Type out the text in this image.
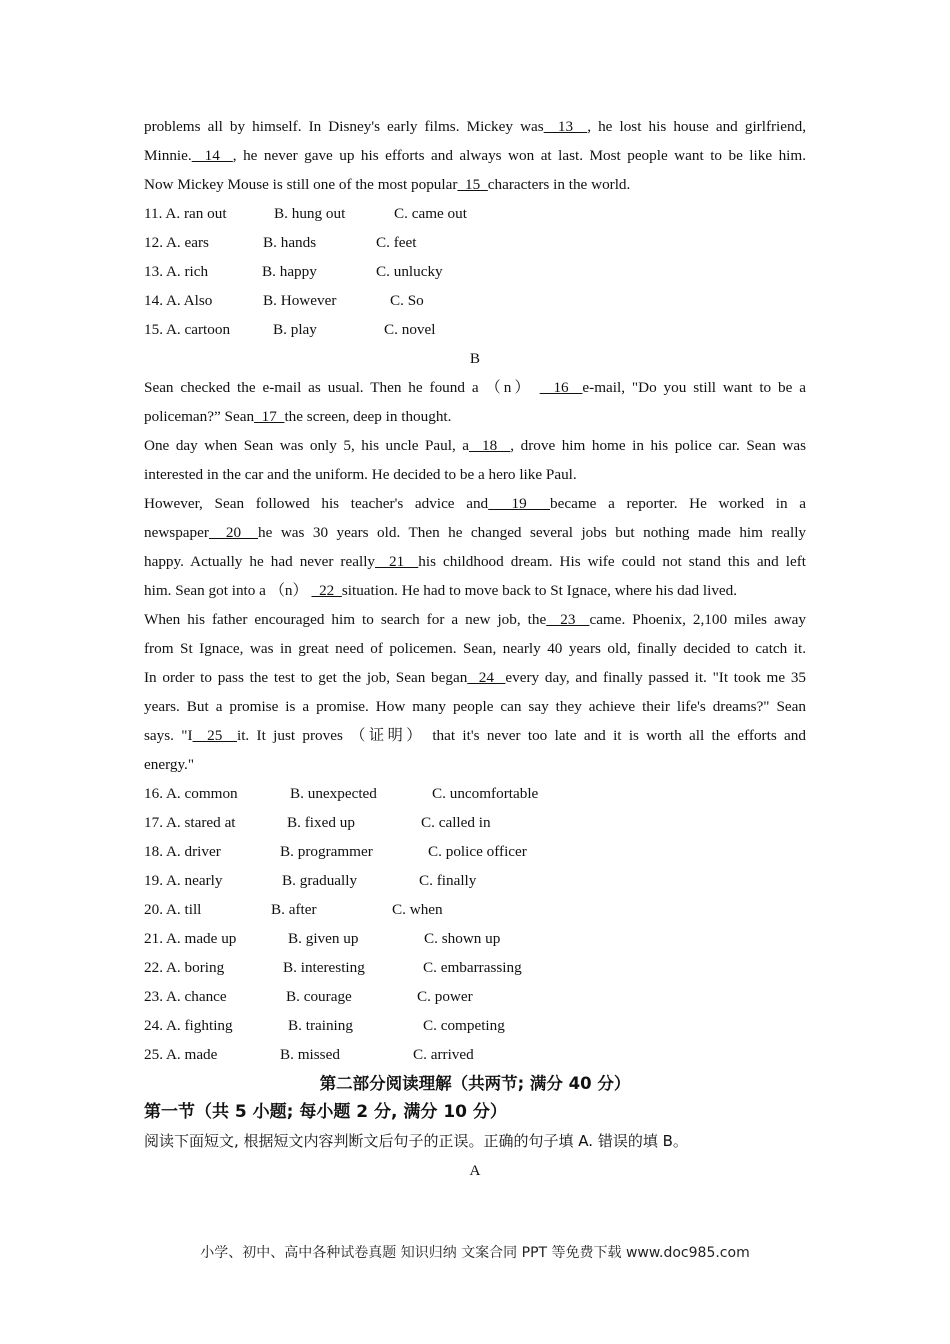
problems all by himself. In Disney's early films. Mickey was  13  , he lost his house and girlfriend,
Minnie.  14  , he never gave up his efforts and always won at last. Most people want to be like him.
Now Mickey Mouse is still one of the most popular  15  characters in the world.
11. A. ran out	B. hung out	C. came out
12. A. ears	B. hands	C. feet
13. A. rich	B. happy	C. unlucky
14. A. Also	B. However	C. So
15. A. cartoon	B. play	C. novel
B
Sean checked the e-mail as usual. Then he found a （n）   16  e-mail, "Do you still want to be a
policeman?” Sean  17  the screen, deep in thought.
One day when Sean was only 5, his uncle Paul, a  18  , drove him home in his police car. Sean was
interested in the car and the uniform. He decided to be a hero like Paul.
However, Sean followed his teacher's advice and  19  became a reporter. He worked in a
newspaper  20  he was 30 years old. Then he changed several jobs but nothing made him really
happy. Actually he had never really  21  his childhood dream. His wife could not stand this and left
him. Sean got into a （n）   22  situation. He had to move back to St Ignace, where his dad lived.
When his father encouraged him to search for a new job, the  23  came. Phoenix, 2,100 miles away
from St Ignace, was in great need of policemen. Sean, nearly 40 years old, finally decided to catch it.
In order to pass the test to get the job, Sean began  24  every day, and finally passed it. "It took me 35
years. But a promise is a promise. How many people can say they achieve their life's dreams?" Sean
says. "I  25  it. It just proves （证明） that it's never too late and it is worth all the efforts and
energy."
16. A. common	B. unexpected	C. uncomfortable
17. A. stared at	B. fixed up	C. called in
18. A. driver	B. programmer	C. police officer
19. A. nearly	B. gradually	C. finally
20. A. till	B. after	C. when
21. A. made up	B. given up	C. shown up
22. A. boring	B. interesting	C. embarrassing
23. A. chance	B. courage	C. power
24. A. fighting	B. training	C. competing
25. A. made	B. missed	C. arrived
第二部分阅读理解（共两节; 满分 40 分）
第一节（共 5 小题; 每小题 2 分, 满分 10 分）
阅读下面短文, 根据短文内容判断文后句子的正误。正确的句子填 A. 错误的填 B。
A
小学、初中、高中各种试卷真题 知识归纳 文案合同 PPT 等免费下载 www.doc985.com
